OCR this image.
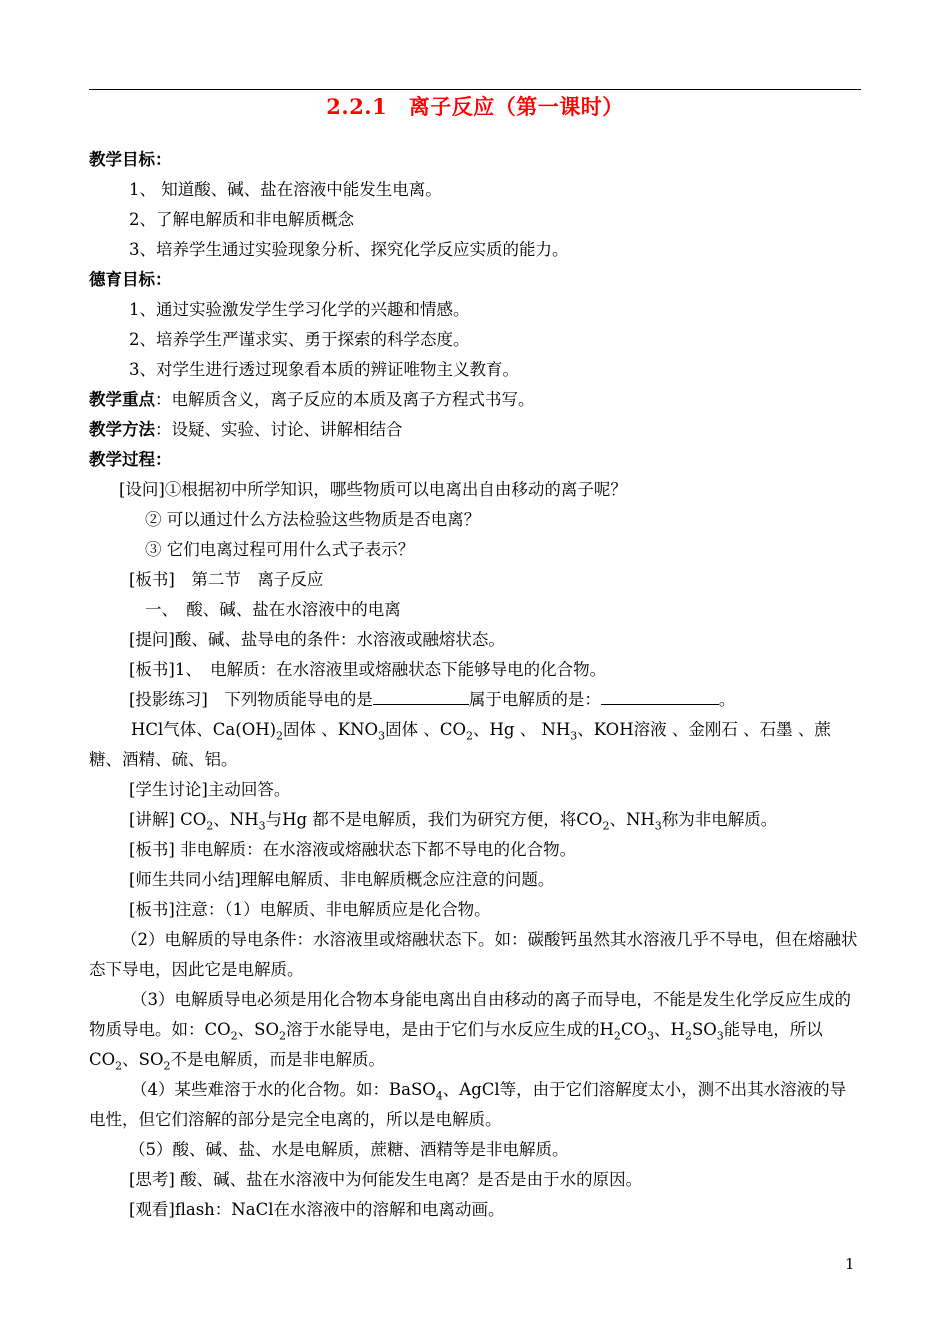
2.2.1　离子反应（第一课时）

教学目标：

1、 知道酸、碱、盐在溶液中能发生电离。

2、了解电解质和非电解质概念

3、培养学生通过实验现象分析、探究化学反应实质的能力。

德育目标：

1、通过实验激发学生学习化学的兴趣和情感。

2、培养学生严谨求实、勇于探索的科学态度。

3、对学生进行透过现象看本质的辨证唯物主义教育。

教学重点：电解质含义，离子反应的本质及离子方程式书写。

教学方法：设疑、实验、讨论、讲解相结合

教学过程：

[设问]①根据初中所学知识，哪些物质可以电离出自由移动的离子呢？

② 可以通过什么方法检验这些物质是否电离？

③ 它们电离过程可用什么式子表示？

[板书]　第二节　离子反应

一、　酸、碱、盐在水溶液中的电离

[提问]酸、碱、盐导电的条件：水溶液或融熔状态。

[板书]1、　电解质：在水溶液里或熔融状态下能够导电的化合物。

[投影练习]　下列物质能导电的是	属于电解质的是：	。

HCl气体、$Ca(OH)_2$固体 、$KNO_3$固体 、$CO_2$、Hg 、 $NH_3$、KOH溶液 、金刚石 、石墨 、蔗糖、酒精、硫、铝。

[学生讨论]主动回答。

[讲解] $CO_2$、$NH_3$与Hg 都不是电解质，我们为研究方便，将$CO_2$、$NH_3$称为非电解质。

[板书] 非电解质：在水溶液或熔融状态下都不导电的化合物。

[师生共同小结]理解电解质、非电解质概念应注意的问题。

[板书]注意：（1）电解质、非电解质应是化合物。

（2）电解质的导电条件：水溶液里或熔融状态下。如：碳酸钙虽然其水溶液几乎不导电，但在熔融状态下导电，因此它是电解质。

（3）电解质导电必须是用化合物本身能电离出自由移动的离子而导电，不能是发生化学反应生成的物质导电。如：$CO_2$、$SO_2$溶于水能导电，是由于它们与水反应生成的$H_2CO_3$、$H_2SO_3$能导电，所以$CO_2$、$SO_2$不是电解质，而是非电解质。

（4）某些难溶于水的化合物。如：BaSO$_4$、AgCl等，由于它们溶解度太小，测不出其水溶液的导电性，但它们溶解的部分是完全电离的，所以是电解质。

（5）酸、碱、盐、水是电解质，蔗糖、酒精等是非电解质。

[思考] 酸、碱、盐在水溶液中为何能发生电离？是否是由于水的原因。

[观看]flash：NaCl在水溶液中的溶解和电离动画。

1
